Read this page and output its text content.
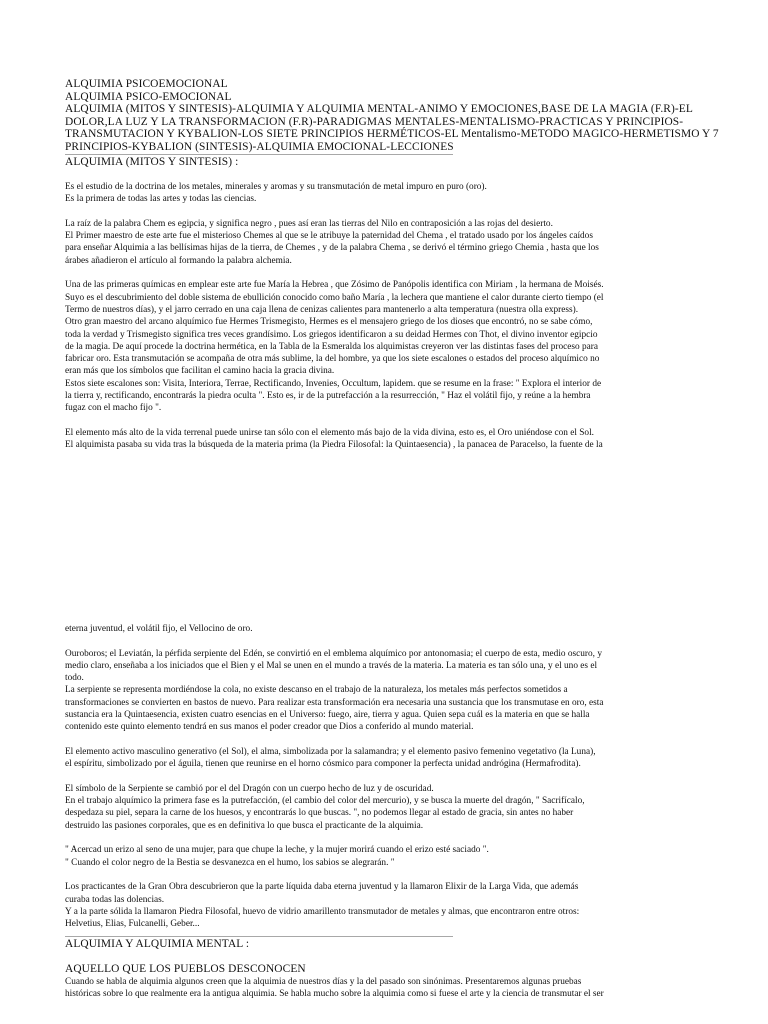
ALQUIMIA PSICOEMOCIONAL
ALQUIMIA PSICO-EMOCIONAL
ALQUIMIA (MITOS Y SINTESIS)-ALQUIMIA Y ALQUIMIA MENTAL-ANIMO Y EMOCIONES,BASE DE LA MAGIA (F.R)-EL
DOLOR,LA LUZ Y LA TRANSFORMACION (F.R)-PARADIGMAS MENTALES-MENTALISMO-PRACTICAS Y PRINCIPIOS-
TRANSMUTACION Y KYBALION-LOS SIETE PRINCIPIOS HERMÉTICOS-EL Mentalismo-METODO MAGICO-HERMETISMO Y 7
PRINCIPIOS-KYBALION (SINTESIS)-ALQUIMIA EMOCIONAL-LECCIONES
ALQUIMIA (MITOS Y SINTESIS) :
Es el estudio de la doctrina de los metales, minerales y aromas y su transmutación de metal impuro en puro (oro).
Es la primera de todas las artes y todas las ciencias.
La raíz de la palabra Chem es egipcia, y significa negro , pues así eran las tierras del Nilo en contraposición a las rojas del desierto.
El Primer maestro de este arte fue el misterioso Chemes al que se le atribuye la paternidad del Chema , el tratado usado por los ángeles caídos
para enseñar Alquimia a las bellísimas hijas de la tierra, de Chemes , y de la palabra Chema , se derivó el término griego Chemia , hasta que los
árabes añadieron el artículo al formando la palabra alchemia.
Una de las primeras químicas en emplear este arte fue María la Hebrea , que Zósimo de Panópolis identifica con Miriam , la hermana de Moisés.
Suyo es el descubrimiento del doble sistema de ebullición conocido como baño María , la lechera que mantiene el calor durante cierto tiempo (el
Termo de nuestros días), y el jarro cerrado en una caja llena de cenizas calientes para mantenerlo a alta temperatura (nuestra olla express).
Otro gran maestro del arcano alquímico fue Hermes Trismegisto, Hermes es el mensajero griego de los dioses que encontró, no se sabe cómo,
toda la verdad y Trismegisto significa tres veces grandísimo. Los griegos identificaron a su deidad Hermes con Thot, el divino inventor egipcio
de la magia. De aquí procede la doctrina hermética, en la Tabla de la Esmeralda los alquimistas creyeron ver las distintas fases del proceso para
fabricar oro. Esta transmutación se acompaña de otra más sublime, la del hombre, ya que los siete escalones o estados del proceso alquímico no
eran más que los símbolos que facilitan el camino hacia la gracia divina.
Estos siete escalones son: Visita, Interiora, Terrae, Rectificando, Invenies, Occultum, lapidem. que se resume en la frase: " Explora el interior de
la tierra y, rectificando, encontrarás la piedra oculta ". Esto es, ir de la putrefacción a la resurrección, " Haz el volátil fijo, y reúne a la hembra
fugaz con el macho fijo ".
El elemento más alto de la vida terrenal puede unirse tan sólo con el elemento más bajo de la vida divina, esto es, el Oro uniéndose con el Sol.
El alquimista pasaba su vida tras la búsqueda de la materia prima (la Piedra Filosofal: la Quintaesencia) , la panacea de Paracelso, la fuente de la
eterna juventud, el volátil fijo, el Vellocino de oro.
Ouroboros; el Leviatán, la pérfida serpiente del Edén, se convirtió en el emblema alquímico por antonomasia; el cuerpo de esta, medio oscuro, y
medio claro, enseñaba a los iniciados que el Bien y el Mal se unen en el mundo a través de la materia. La materia es tan sólo una, y el uno es el
todo.
La serpiente se representa mordiéndose la cola, no existe descanso en el trabajo de la naturaleza, los metales más perfectos sometidos a
transformaciones se convierten en bastos de nuevo. Para realizar esta transformación era necesaria una sustancia que los transmutase en oro, esta
sustancia era la Quintaesencia, existen cuatro esencias en el Universo: fuego, aire, tierra y agua. Quien sepa cuál es la materia en que se halla
contenido este quinto elemento tendrá en sus manos el poder creador que Dios a conferido al mundo material.
El elemento activo masculino generativo (el Sol), el alma, simbolizada por la salamandra; y el elemento pasivo femenino vegetativo (la Luna),
el espíritu, simbolizado por el águila, tienen que reunirse en el horno cósmico para componer la perfecta unidad andrógina (Hermafrodita).
El símbolo de la Serpiente se cambió por el del Dragón con un cuerpo hecho de luz y de oscuridad.
En el trabajo alquímico la primera fase es la putrefacción, (el cambio del color del mercurio), y se busca la muerte del dragón, " Sacrifícalo,
despedaza su piel, separa la carne de los huesos, y encontrarás lo que buscas. ", no podemos llegar al estado de gracia, sin antes no haber
destruido las pasiones corporales, que es en definitiva lo que busca el practicante de la alquimia.
" Acercad un erizo al seno de una mujer, para que chupe la leche, y la mujer morirá cuando el erizo esté saciado ".
" Cuando el color negro de la Bestia se desvanezca en el humo, los sabios se alegrarán. "
Los practicantes de la Gran Obra descubrieron que la parte líquida daba eterna juventud y la llamaron Elixir de la Larga Vida, que además
curaba todas las dolencias.
Y a la parte sólida la llamaron Piedra Filosofal, huevo de vidrio amarillento transmutador de metales y almas, que encontraron entre otros:
Helvetius, Elias, Fulcanelli, Geber...
ALQUIMIA Y ALQUIMIA MENTAL :
AQUELLO QUE LOS PUEBLOS DESCONOCEN
Cuando se habla de alquimia algunos creen que la alquimia de nuestros días y la del pasado son sinónimas. Presentaremos algunas pruebas
históricas sobre lo que realmente era la antigua alquimia. Se habla mucho sobre la alquimia como si fuese el arte y la ciencia de transmutar el ser
